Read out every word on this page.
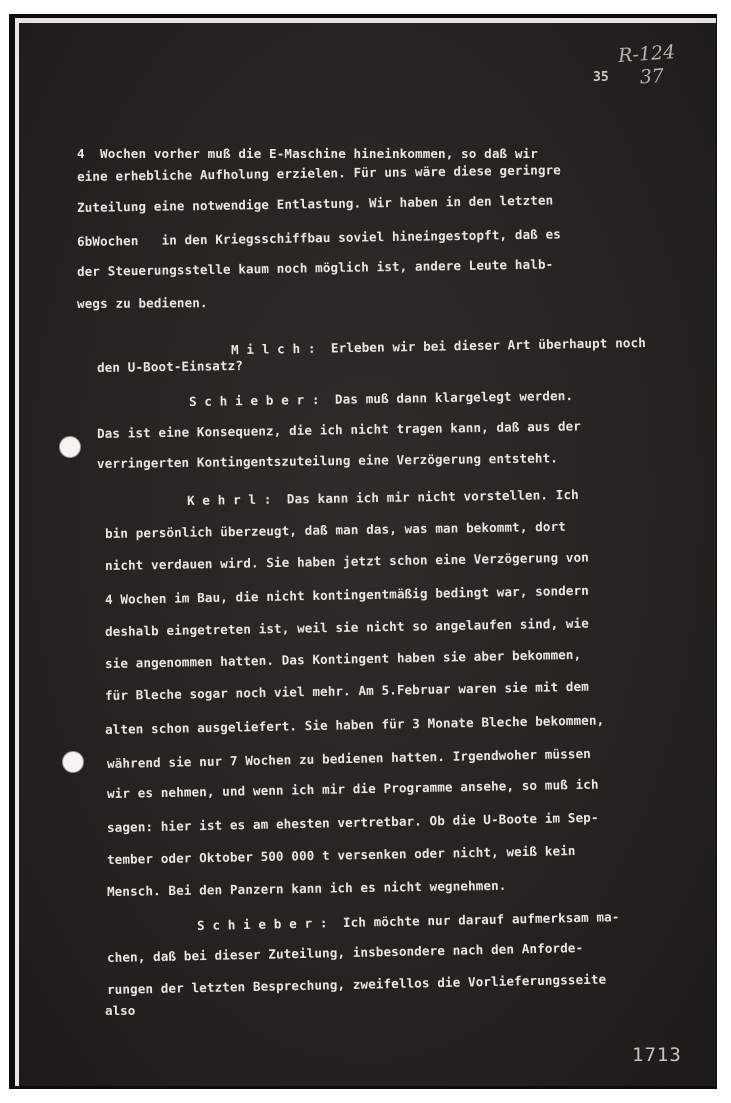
R-124
37
35
4  Wochen vorher muß die E-Maschine hineinkommen, so daß wir
eine erhebliche Aufholung erzielen. Für uns wäre diese geringre
Zuteilung eine notwendige Entlastung. Wir haben in den letzten
6bWochen   in den Kriegsschiffbau soviel hineingestopft, daß es
der Steuerungsstelle kaum noch möglich ist, andere Leute halb-
wegs zu bedienen.

M i l c h :  Erleben wir bei dieser Art überhaupt noch

den U-Boot-Einsatz?
S c h i e b e r :  Das muß dann klargelegt werden.
Das ist eine Konsequenz, die ich nicht tragen kann, daß aus der
verringerten Kontingentszuteilung eine Verzögerung entsteht.
K e h r l :  Das kann ich mir nicht vorstellen. Ich
bin persönlich überzeugt, daß man das, was man bekommt, dort
nicht verdauen wird. Sie haben jetzt schon eine Verzögerung von
4 Wochen im Bau, die nicht kontingentmäßig bedingt war, sondern
deshalb eingetreten ist, weil sie nicht so angelaufen sind, wie
sie angenommen hatten. Das Kontingent haben sie aber bekommen,
für Bleche sogar noch viel mehr. Am 5.Februar waren sie mit dem
alten schon ausgeliefert. Sie haben für 3 Monate Bleche bekommen,
während sie nur 7 Wochen zu bedienen hatten. Irgendwoher müssen
wir es nehmen, und wenn ich mir die Programme ansehe, so muß ich
sagen: hier ist es am ehesten vertretbar. Ob die U-Boote im Sep-
tember oder Oktober 500 000 t versenken oder nicht, weiß kein
Mensch. Bei den Panzern kann ich es nicht wegnehmen.
S c h i e b e r :  Ich möchte nur darauf aufmerksam ma-
chen, daß bei dieser Zuteilung, insbesondere nach den Anforde-
rungen der letzten Besprechung, zweifellos die Vorlieferungsseite
also
1713
